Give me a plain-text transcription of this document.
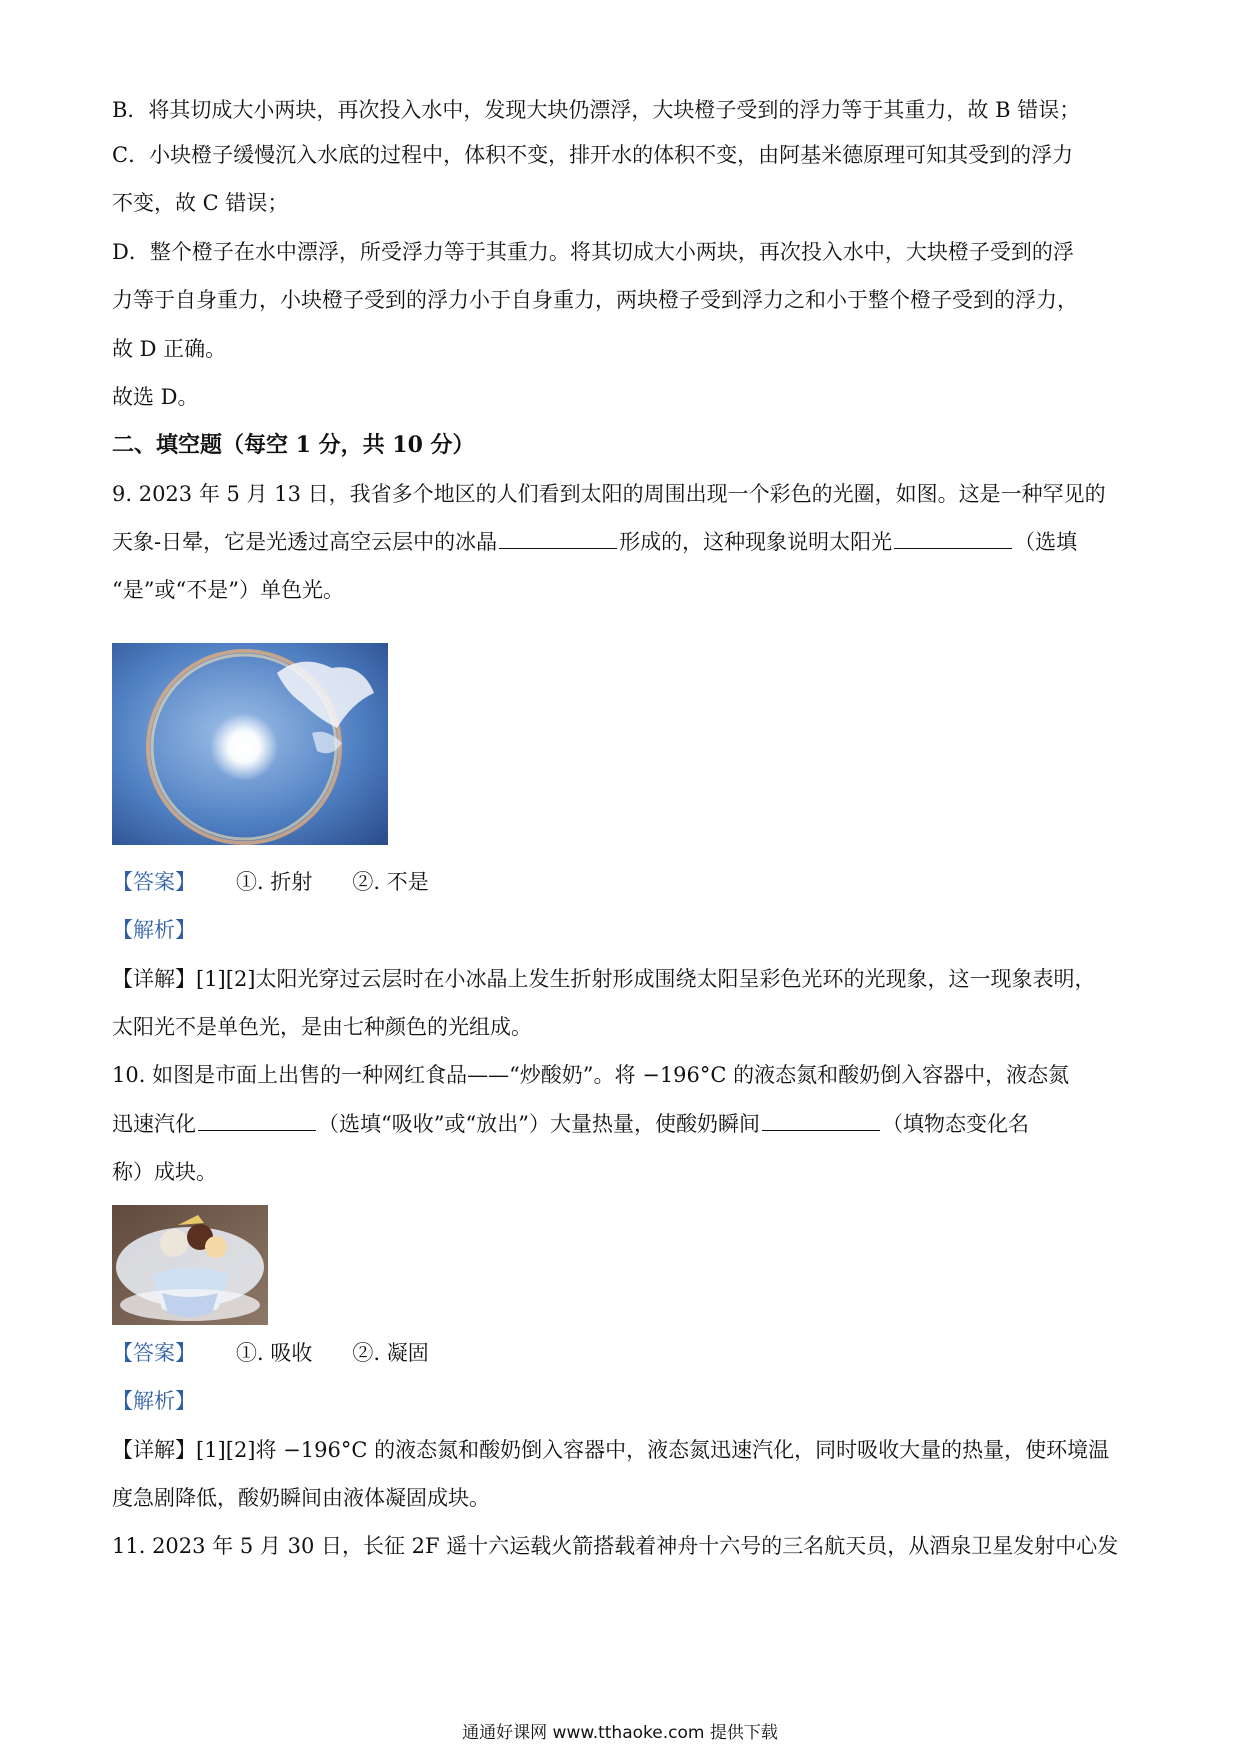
B．将其切成大小两块，再次投入水中，发现大块仍漂浮，大块橙子受到的浮力等于其重力，故 B 错误；
C．小块橙子缓慢沉入水底的过程中，体积不变，排开水的体积不变，由阿基米德原理可知其受到的浮力
不变，故 C 错误；
D．整个橙子在水中漂浮，所受浮力等于其重力。将其切成大小两块，再次投入水中，大块橙子受到的浮
力等于自身重力，小块橙子受到的浮力小于自身重力，两块橙子受到浮力之和小于整个橙子受到的浮力，
故 D 正确。
故选 D。
二、填空题（每空 1 分，共 10 分）
9. 2023 年 5 月 13 日，我省多个地区的人们看到太阳的周围出现一个彩色的光圈，如图。这是一种罕见的
天象-日晕，它是光透过高空云层中的冰晶	形成的，这种现象说明太阳光	（选填
“是”或“不是”）单色光。
【答案】 ①. 折射 ②. 不是
【解析】
【详解】[1][2]太阳光穿过云层时在小冰晶上发生折射形成围绕太阳呈彩色光环的光现象，这一现象表明，
太阳光不是单色光，是由七种颜色的光组成。
10. 如图是市面上出售的一种网红食品——“炒酸奶”。将 −196°C 的液态氮和酸奶倒入容器中，液态氮
迅速汽化	（选填“吸收”或“放出”）大量热量，使酸奶瞬间	（填物态变化名
称）成块。
【答案】 ①. 吸收 ②. 凝固
【解析】
【详解】[1][2]将 −196°C 的液态氮和酸奶倒入容器中，液态氮迅速汽化，同时吸收大量的热量，使环境温
度急剧降低，酸奶瞬间由液体凝固成块。
11. 2023 年 5 月 30 日，长征 2F 遥十六运载火箭搭载着神舟十六号的三名航天员，从酒泉卫星发射中心发
通通好课网 www.tthaoke.com 提供下载
